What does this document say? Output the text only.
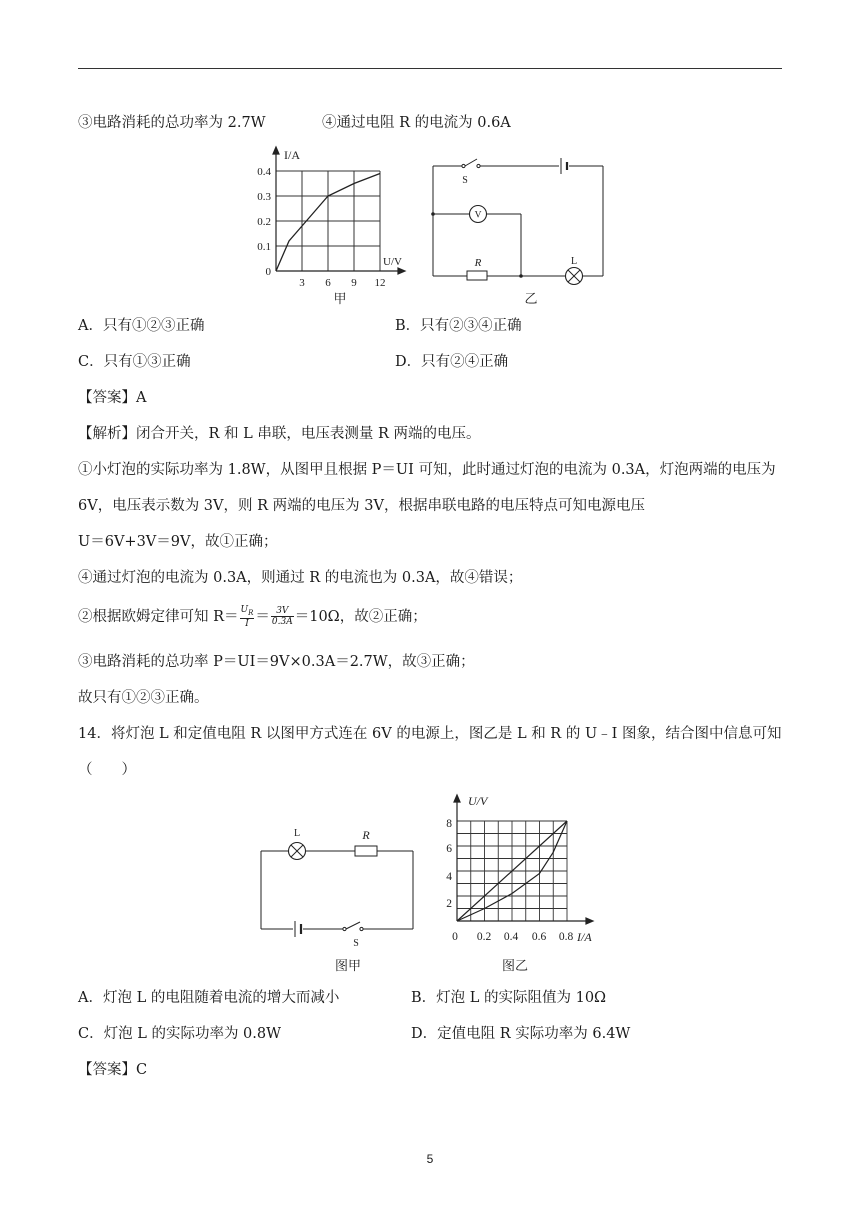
③电路消耗的总功率为 2.7W	④通过电阻 R 的电流为 0.6A
I/A
U/V
0.4
0.3
0.2
0.1
0
3 6 9 12
甲
S
V
R	L
乙
A．只有①②③正确	B．只有②③④正确
C．只有①③正确	D．只有②④正确
【答案】A
【解析】闭合开关，R 和 L 串联，电压表测量 R 两端的电压。
①小灯泡的实际功率为 1.8W，从图甲且根据 P＝UI 可知，此时通过灯泡的电流为 0.3A，灯泡两端的电压为
6V，电压表示数为 3V，则 R 两端的电压为 3V，根据串联电路的电压特点可知电源电压
U＝6V+3V＝9V，故①正确；
④通过灯泡的电流为 0.3A，则通过 R 的电流也为 0.3A，故④错误；
②根据欧姆定律可知 $R= \frac{U_R}{I} = \frac{3V}{0.3A} =10\Omega$，故②正确；
③电路消耗的总功率 P＝UI＝9V×0.3A＝2.7W，故③正确；
故只有①②③正确。
14．将灯泡 L 和定值电阻 R 以图甲方式连在 6V 的电源上，图乙是 L 和 R 的 U﹣I 图象，结合图中信息可知
（　　）
L	R
S
图甲
U/V
I/A
8
6
4
2
0 0.2 0.4 0.6 0.8
图乙
A．灯泡 L 的电阻随着电流的增大而减小	B．灯泡 L 的实际阻值为 10Ω
C．灯泡 L 的实际功率为 0.8W	D．定值电阻 R 实际功率为 6.4W
【答案】C
5
